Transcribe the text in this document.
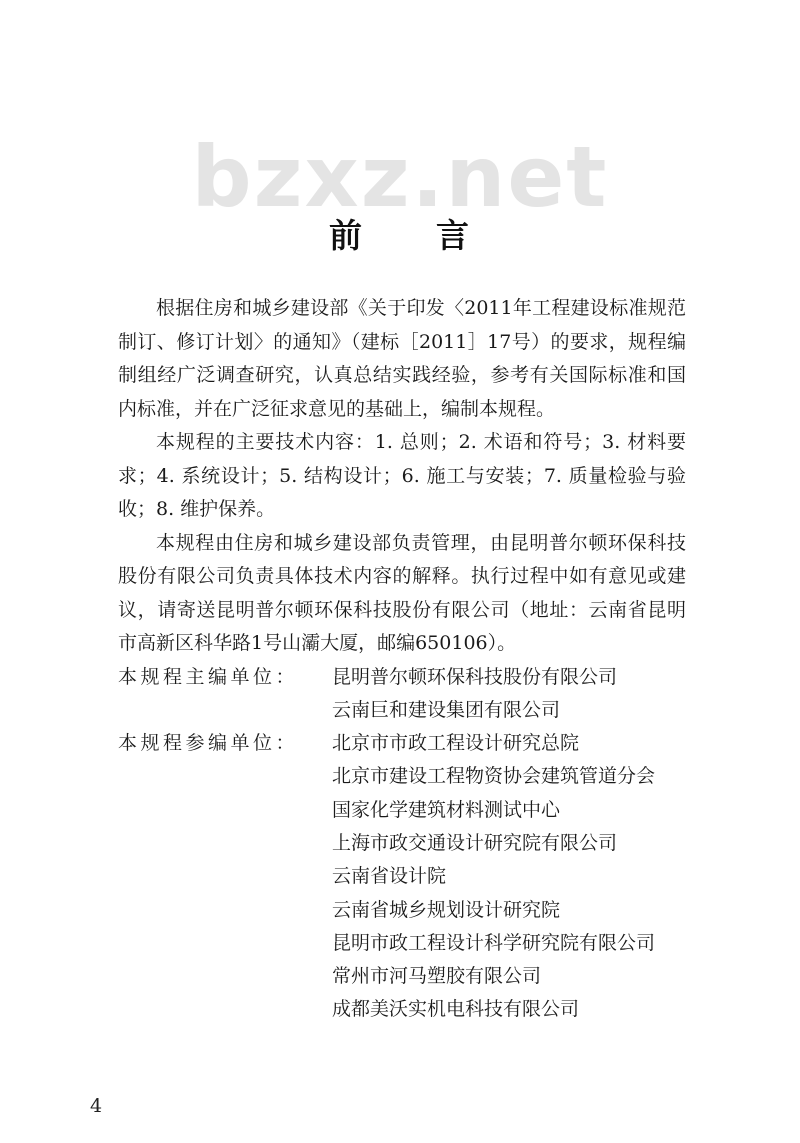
bzxz.net
前 言

根据住房和城乡建设部《关于印发〈2011年工程建设标准规范制订、修订计划〉的通知》（建标［2011］17号）的要求，规程编制组经广泛调查研究，认真总结实践经验，参考有关国际标准和国内标准，并在广泛征求意见的基础上，编制本规程。

本规程的主要技术内容：1. 总则；2. 术语和符号；3. 材料要求；4. 系统设计；5. 结构设计；6. 施工与安装；7. 质量检验与验收；8. 维护保养。

本规程由住房和城乡建设部负责管理，由昆明普尔顿环保科技股份有限公司负责具体技术内容的解释。执行过程中如有意见或建议，请寄送昆明普尔顿环保科技股份有限公司（地址：云南省昆明市高新区科华路1号山灞大厦，邮编650106）。

本规程主编单位：	昆明普尔顿环保科技股份有限公司
云南巨和建设集团有限公司
本规程参编单位：	北京市市政工程设计研究总院
北京市建设工程物资协会建筑管道分会
国家化学建筑材料测试中心
上海市政交通设计研究院有限公司
云南省设计院
云南省城乡规划设计研究院
昆明市政工程设计科学研究院有限公司
常州市河马塑胶有限公司
成都美沃实机电科技有限公司
4
